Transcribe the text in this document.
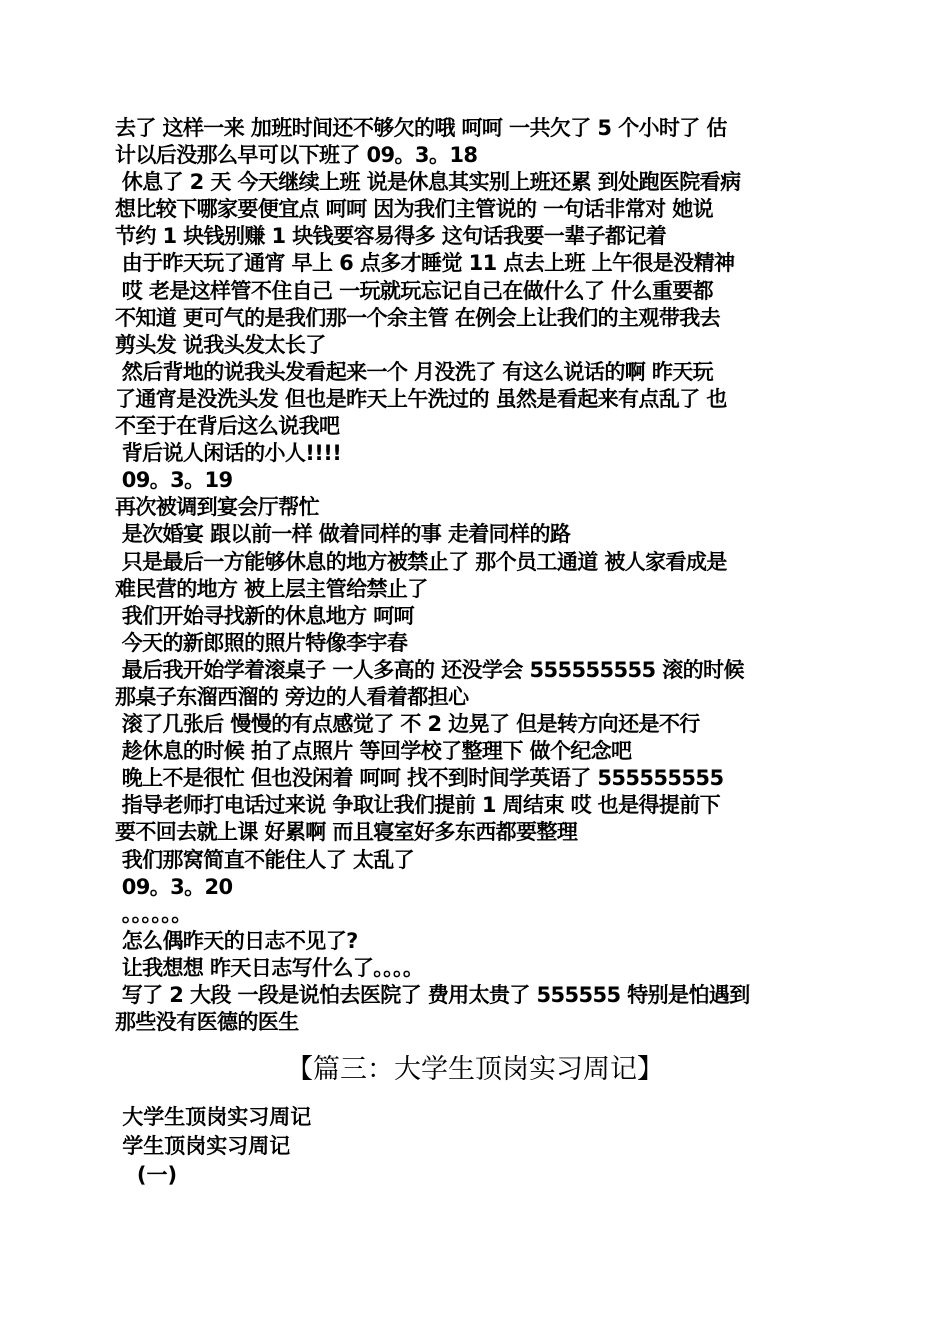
去了 这样一来 加班时间还不够欠的哦 呵呵 一共欠了 5 个小时了 估
计以后没那么早可以下班了 09。3。18
休息了 2 天 今天继续上班 说是休息其实别上班还累 到处跑医院看病
想比较下哪家要便宜点 呵呵 因为我们主管说的 一句话非常对 她说
节约 1 块钱别赚 1 块钱要容易得多 这句话我要一辈子都记着
由于昨天玩了通宵 早上 6 点多才睡觉 11 点去上班 上午很是没精神
哎 老是这样管不住自己 一玩就玩忘记自己在做什么了 什么重要都
不知道 更可气的是我们那一个余主管 在例会上让我们的主观带我去
剪头发 说我头发太长了
然后背地的说我头发看起来一个 月没洗了 有这么说话的啊 昨天玩
了通宵是没洗头发 但也是昨天上午洗过的 虽然是看起来有点乱了 也
不至于在背后这么说我吧
背后说人闲话的小人!!!!
09。3。19
再次被调到宴会厅帮忙
是次婚宴 跟以前一样 做着同样的事 走着同样的路
只是最后一方能够休息的地方被禁止了 那个员工通道 被人家看成是
难民营的地方 被上层主管给禁止了
我们开始寻找新的休息地方 呵呵
今天的新郎照的照片特像李宇春
最后我开始学着滚桌子 一人多高的 还没学会 555555555 滚的时候
那桌子东溜西溜的 旁边的人看着都担心
滚了几张后 慢慢的有点感觉了 不 2 边晃了 但是转方向还是不行
趁休息的时候 拍了点照片 等回学校了整理下 做个纪念吧
晚上不是很忙 但也没闲着 呵呵 找不到时间学英语了 555555555
指导老师打电话过来说 争取让我们提前 1 周结束 哎 也是得提前下
要不回去就上课 好累啊 而且寝室好多东西都要整理
我们那窝简直不能住人了 太乱了
09。3。20
。。。。。。
怎么偶昨天的日志不见了?
让我想想 昨天日志写什么了。。。。
写了 2 大段 一段是说怕去医院了 费用太贵了 555555 特别是怕遇到
那些没有医德的医生
【篇三：大学生顶岗实习周记】
大学生顶岗实习周记
学生顶岗实习周记
(一)
